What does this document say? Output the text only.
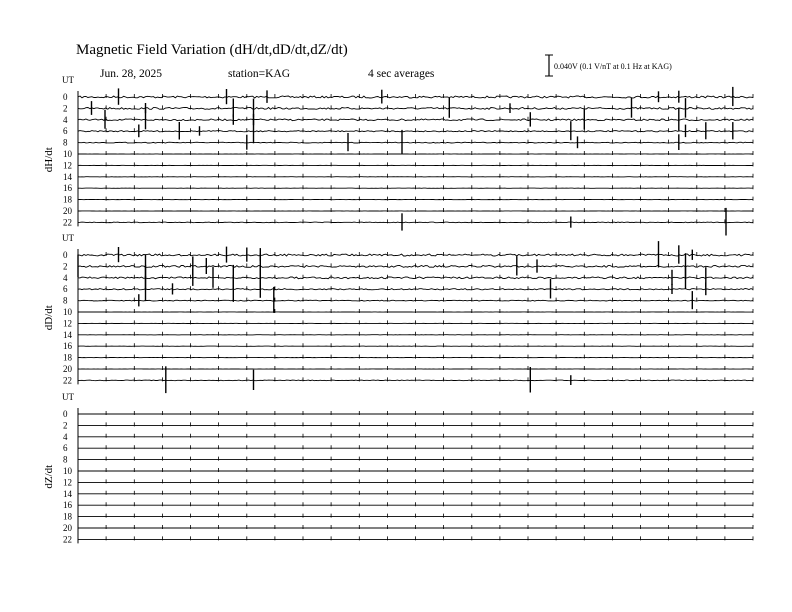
Magnetic Field Variation (dH/dt,dD/dt,dZ/dt)
Jun. 28, 2025	station=KAG	4 sec averages
0.040V (0.1 V/nT at 0.1 Hz at KAG)
UT
dH/dt
0
2
4
6
8
10
12
14
16
18
20
22
UT
dD/dt
0
2
4
6
8
10
12
14
16
18
20
22
UT
dZ/dt
0
2
4
6
8
10
12
14
16
18
20
22
